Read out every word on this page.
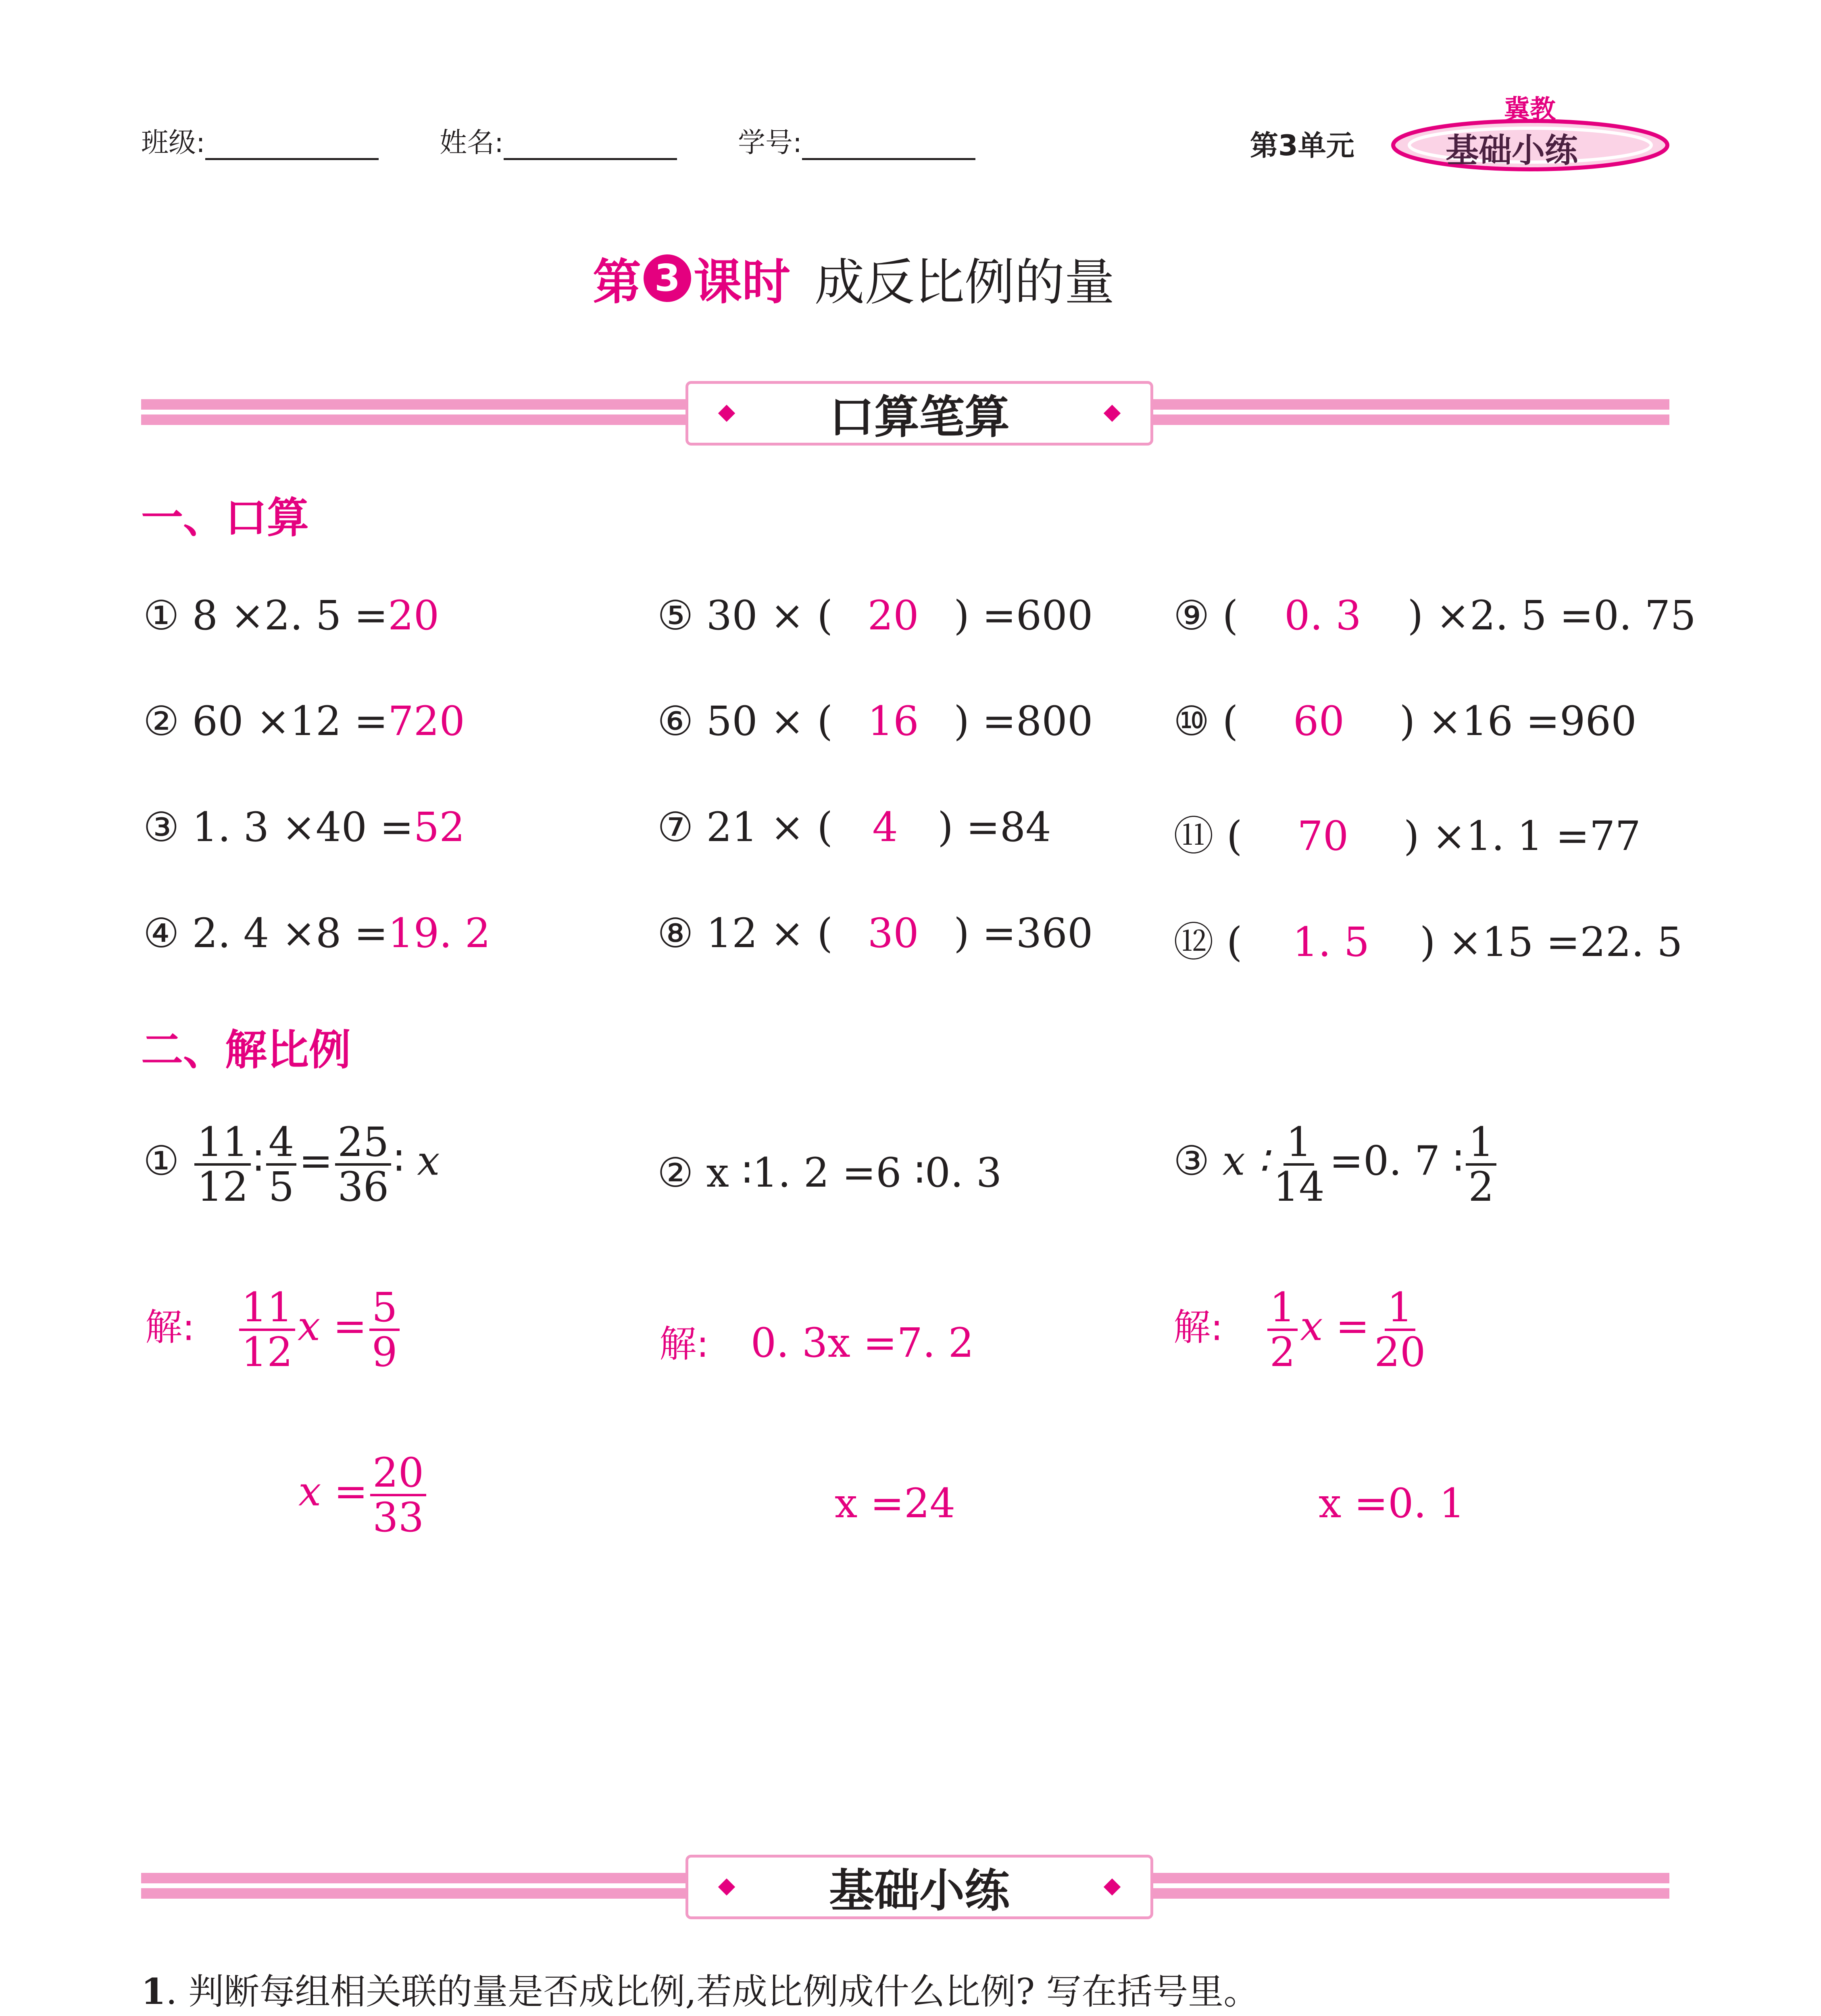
班级:	姓名:	学号:	第3单元
冀教
基础小练
第 3 课时 成反比例的量
口算笔算
一、口算
① 8 ×2. 5 =20
② 60 ×12 =720
③ 1. 3 ×40 =52
④ 2. 4 ×8 =19. 2
⑤ 30 × ( 20 ) =600
⑥ 50 × ( 16 ) =800
⑦ 21 × ( 4 ) =84
⑧ 12 × ( 30 ) =360
⑨ ( 0. 3 ) ×2. 5 =0. 75
⑩ ( 60 ) ×16 =960
⑪ ( 70 ) ×1. 1 =77
⑫ ( 1. 5 ) ×15 =22. 5
二、解比例
① $\frac{11}{12}$ ∶ $\frac{4}{5} = \frac{25}{36}$ ∶ x
解: $\frac{11}{12}$ $x = \frac{5}{9}$
$x = \frac{20}{33}$
② x ∶1. 2 =6 ∶0. 3
解: 0. 3x =7. 2
x =24
③ x ∶ $\frac{1}{14} =0$. 7 ∶ $\frac{1}{2}$
解: $\frac{1}{2}$ $x = \frac{1}{20}$
x =0. 1
基础小练
1. 判断每组相关联的量是否成比例,若成比例成什么比例? 写在括号里。
